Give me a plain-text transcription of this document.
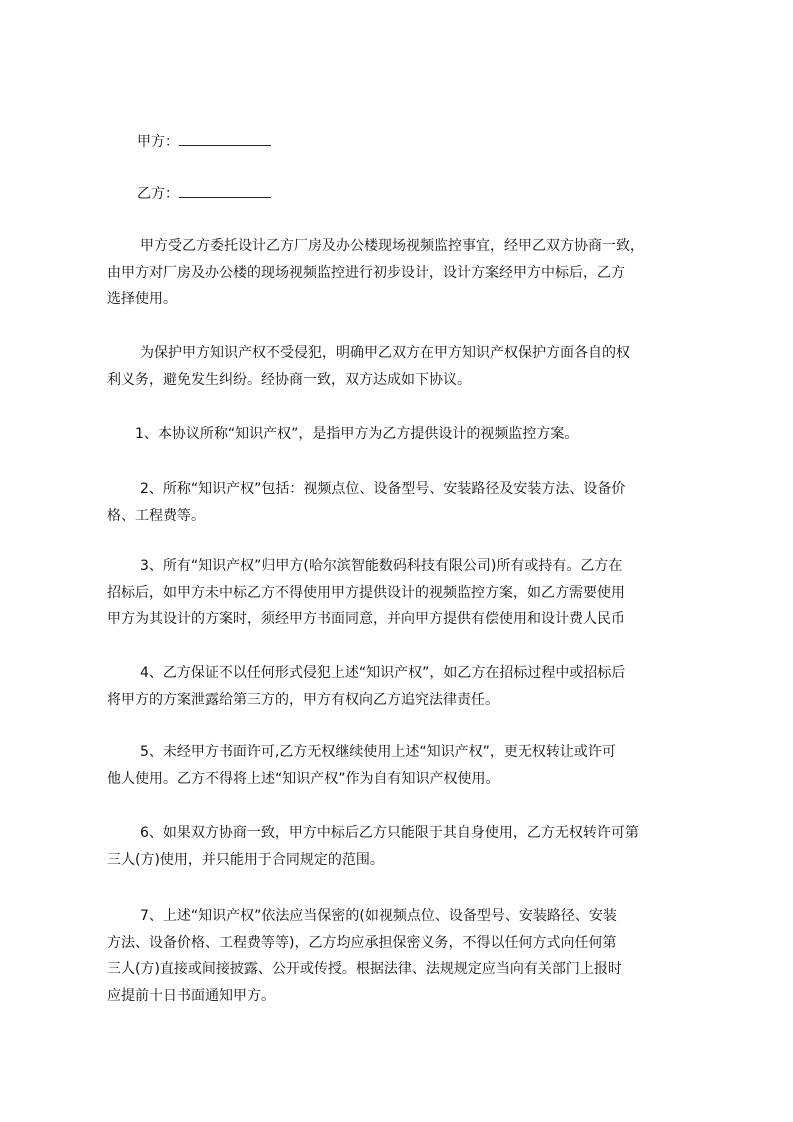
甲方：
乙方：

甲方受乙方委托设计乙方厂房及办公楼现场视频监控事宜，经甲乙双方协商一致，
由甲方对厂房及办公楼的现场视频监控进行初步设计，设计方案经甲方中标后，乙方
选择使用。

为保护甲方知识产权不受侵犯，明确甲乙双方在甲方知识产权保护方面各自的权
利义务，避免发生纠纷。经协商一致，双方达成如下协议。

1、本协议所称“知识产权”，是指甲方为乙方提供设计的视频监控方案。

2、所称“知识产权”包括：视频点位、设备型号、安装路径及安装方法、设备价
格、工程费等。

3、所有“知识产权”归甲方(哈尔滨智能数码科技有限公司)所有或持有。乙方在
招标后，如甲方未中标乙方不得使用甲方提供设计的视频监控方案，如乙方需要使用
甲方为其设计的方案时，须经甲方书面同意，并向甲方提供有偿使用和设计费人民币

4、乙方保证不以任何形式侵犯上述“知识产权”，如乙方在招标过程中或招标后
将甲方的方案泄露给第三方的，甲方有权向乙方追究法律责任。

5、未经甲方书面许可,乙方无权继续使用上述“知识产权”，更无权转让或许可
他人使用。乙方不得将上述“知识产权”作为自有知识产权使用。

6、如果双方协商一致，甲方中标后乙方只能限于其自身使用，乙方无权转许可第
三人(方)使用，并只能用于合同规定的范围。

7、上述“知识产权”依法应当保密的(如视频点位、设备型号、安装路径、安装
方法、设备价格、工程费等等)，乙方均应承担保密义务，不得以任何方式向任何第
三人(方)直接或间接披露、公开或传授。根据法律、法规规定应当向有关部门上报时
应提前十日书面通知甲方。
